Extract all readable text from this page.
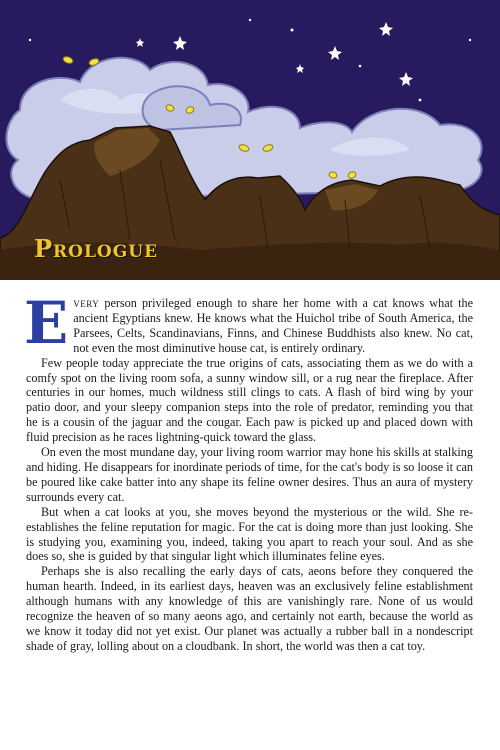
Prologue

Every person privileged enough to share her home with a cat knows what the ancient Egyptians knew. He knows what the Huichol tribe of South America, the Parsees, Celts, Scandinavians, Finns, and Chinese Buddhists also knew. No cat, not even the most diminutive house cat, is entirely ordinary.

Few people today appreciate the true origins of cats, associating them as we do with a comfy spot on the living room sofa, a sunny window sill, or a rug near the fireplace. After centuries in our homes, much wildness still clings to cats. A flash of bird wing by your patio door, and your sleepy companion steps into the role of predator, reminding you that he is a cousin of the jaguar and the cougar. Each paw is picked up and placed down with fluid precision as he races lightning-quick toward the glass.

On even the most mundane day, your living room warrior may hone his skills at stalking and hiding. He disappears for inordinate periods of time, for the cat's body is so loose it can be poured like cake batter into any shape its feline owner desires. Thus an aura of mystery surrounds every cat.

But when a cat looks at you, she moves beyond the mysterious or the wild. She re-establishes the feline reputation for magic. For the cat is doing more than just looking. She is studying you, examining you, indeed, taking you apart to reach your soul. And as she does so, she is guided by that singular light which illuminates feline eyes.

Perhaps she is also recalling the early days of cats, aeons before they conquered the human hearth. Indeed, in its earliest days, heaven was an exclusively feline establishment although humans with any knowledge of this are vanishingly rare. None of us would recognize the heaven of so many aeons ago, and certainly not earth, because the world as we know it today did not yet exist. Our planet was actually a rubber ball in a nondescript shade of gray, lolling about on a cloudbank. In short, the world was then a cat toy.
